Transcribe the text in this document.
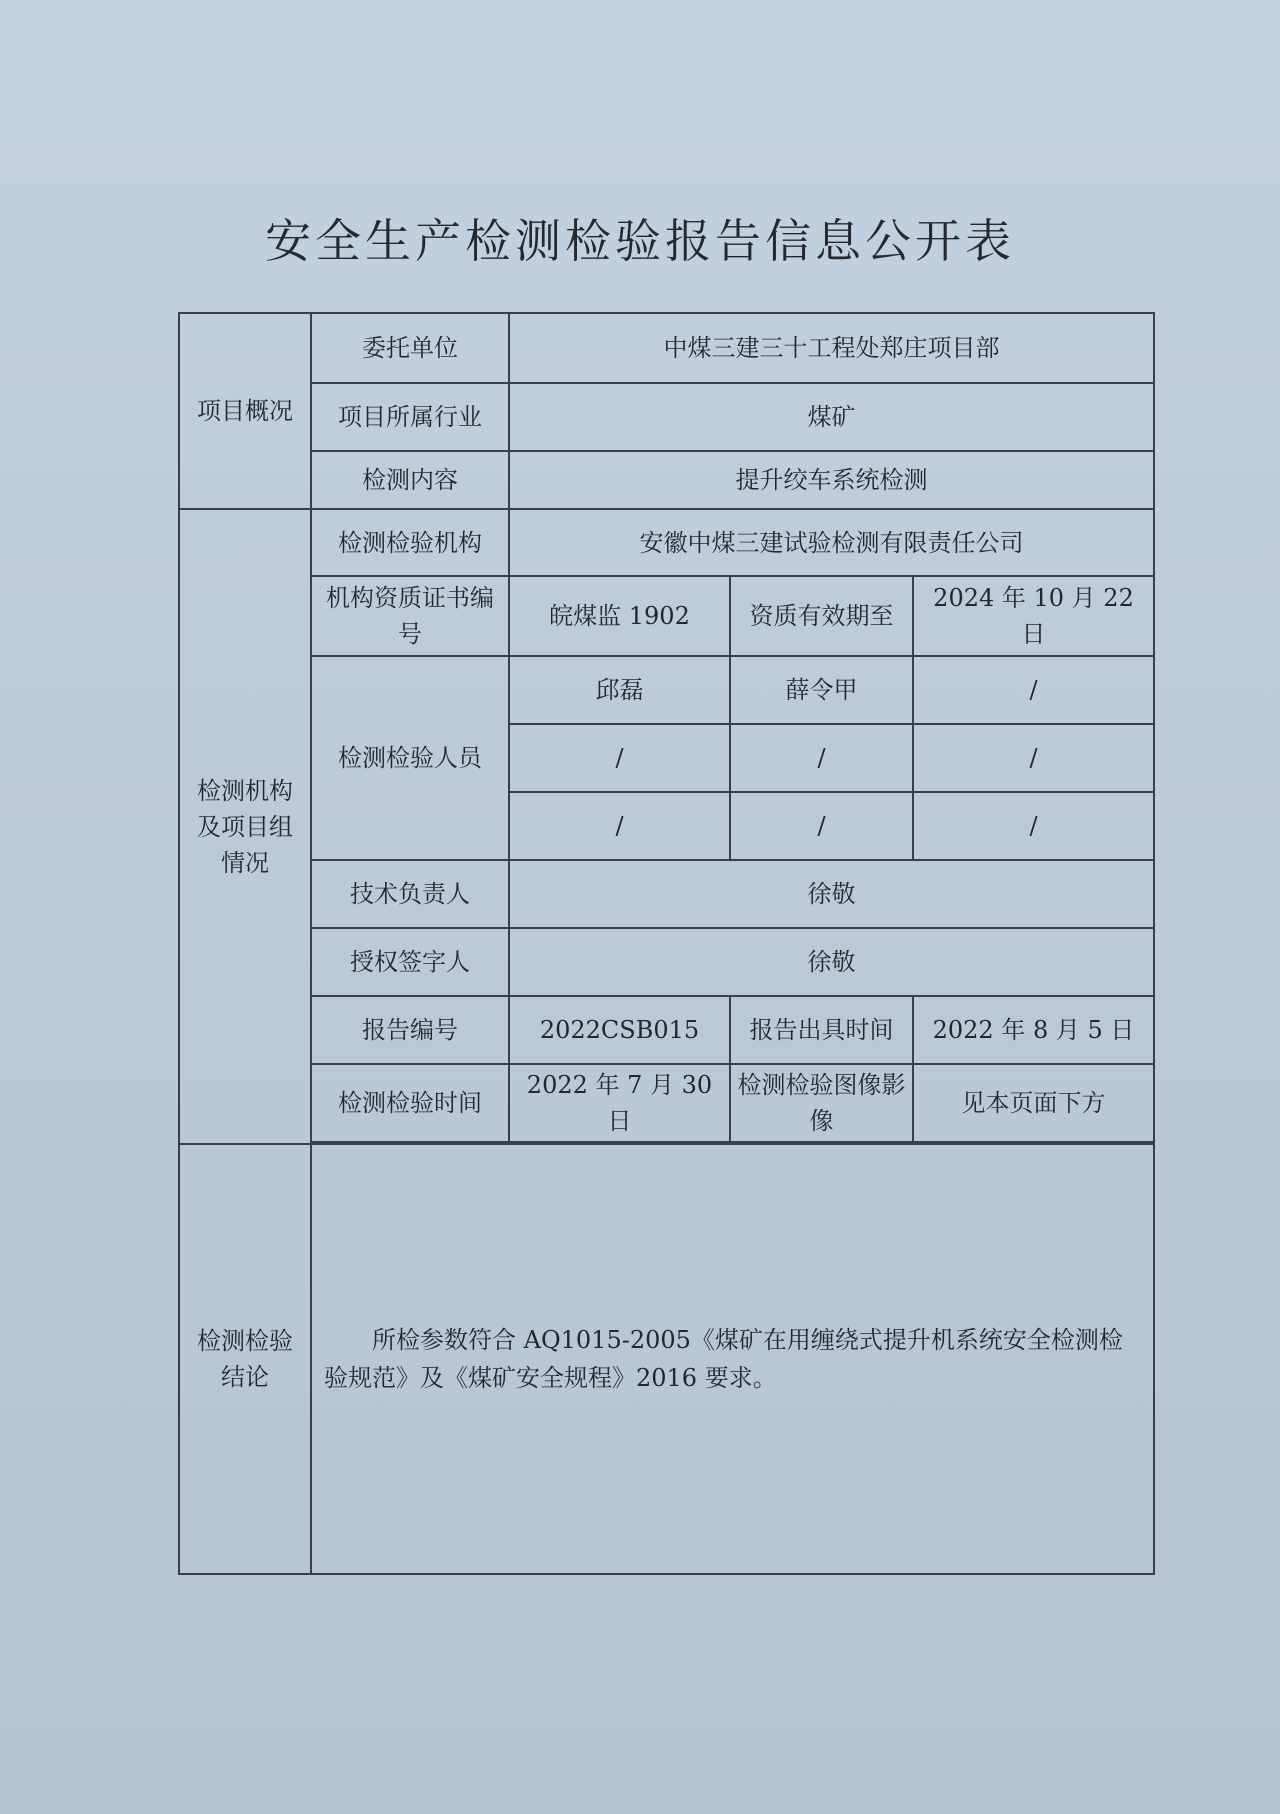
安全生产检测检验报告信息公开表
项目概况	委托单位	中煤三建三十工程处郑庄项目部		
	项目所属行业	煤矿		
	检测内容	提升绞车系统检测		
检测机构及项目组情况	检测检验机构	安徽中煤三建试验检测有限责任公司		
	机构资质证书编号	皖煤监 1902	资质有效期至	2024 年 10 月 22 日
	检测检验人员	邱磊	薛令甲	/
		/	/	/
		/	/	/
	技术负责人	徐敬		
	授权签字人	徐敬		
	报告编号	2022CSB015	报告出具时间	2022 年 8 月 5 日
	检测检验时间	2022 年 7 月 30 日	检测检验图像影像	见本页面下方

检测检验结论	所检参数符合 AQ1015-2005《煤矿在用缠绕式提升机系统安全检测检验规范》及《煤矿安全规程》2016 要求。			
